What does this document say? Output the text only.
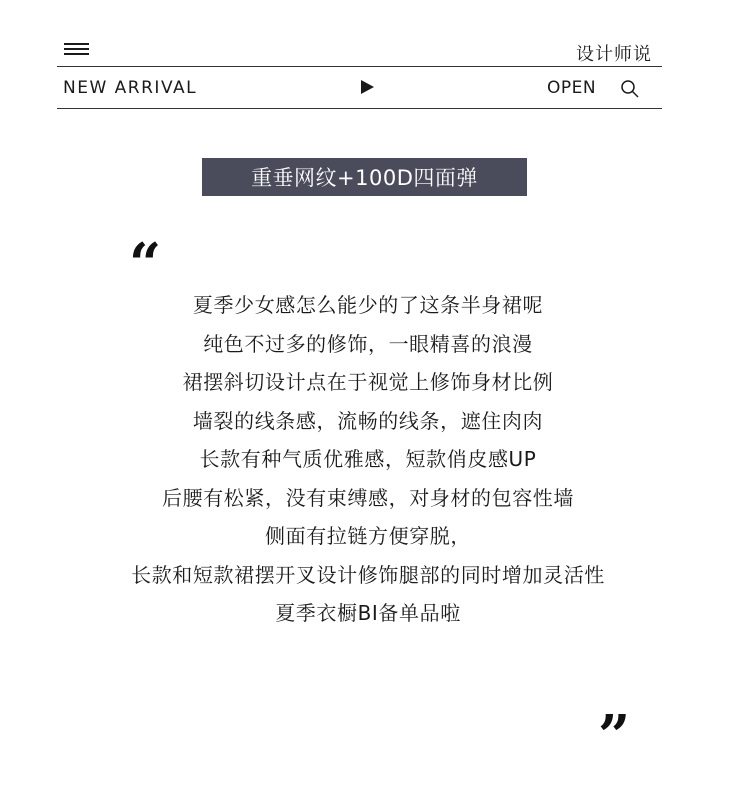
设计师说
NEW ARRIVAL	OPEN
重垂网纹+100D四面弹
“
夏季少女感怎么能少的了这条半身裙呢
纯色不过多的修饰，一眼精喜的浪漫
裙摆斜切设计点在于视觉上修饰身材比例
墙裂的线条感，流畅的线条，遮住肉肉
长款有种气质优雅感，短款俏皮感UP
后腰有松紧，没有束缚感，对身材的包容性墙
侧面有拉链方便穿脱，
长款和短款裙摆开叉设计修饰腿部的同时增加灵活性
夏季衣橱BI备单品啦
”
